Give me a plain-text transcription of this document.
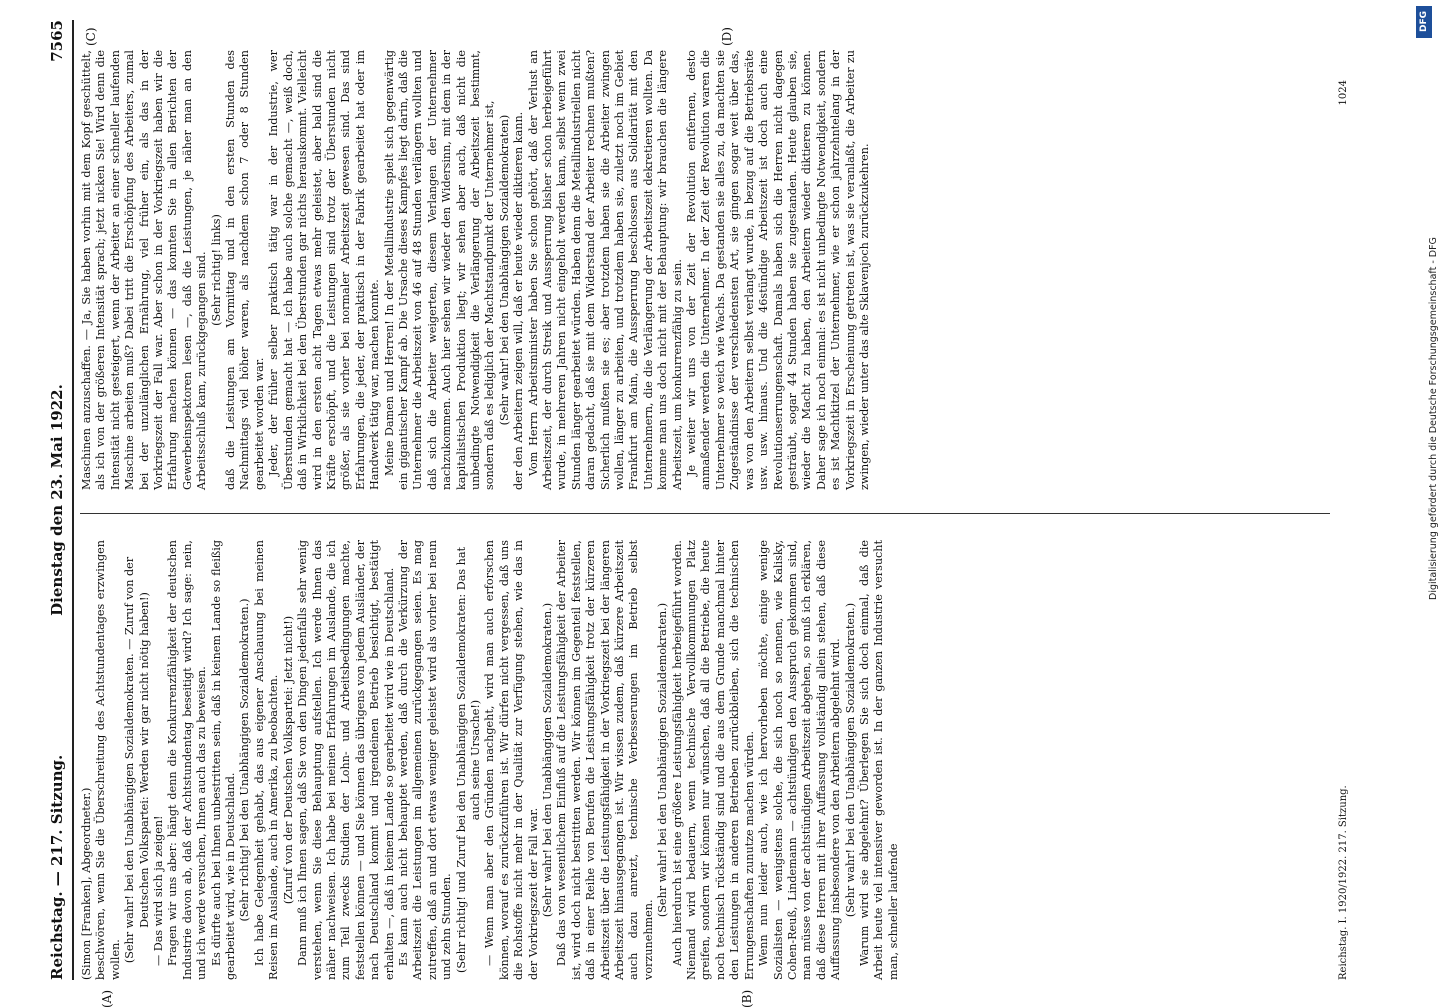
Reichstag. — 217. Sitzung.
Dienstag den 23. Mai 1922.
7565
(A)	(B)
(C)	(D)

(Simon [Franken], Abgeordneter.) beschwören, wenn Sie die Überschreitung des Achtstundentages erzwingen wollen. (Sehr wahr! bei den Unabhängigen Sozialdemokraten. — Zuruf von der Deutschen Volkspartei: Werden wir gar nicht nötig haben!) — Das wird sich ja zeigen! Fragen wir uns aber: hängt denn die Konkurrenzfähigkeit der deutschen Industrie davon ab, daß der Achtstundentag beseitigt wird? Ich sage: nein, und ich werde versuchen, Ihnen auch das zu beweisen. Es dürfte auch bei Ihnen unbestritten sein, daß in keinem Lande so fleißig gearbeitet wird, wie in Deutschland. (Sehr richtig! bei den Unabhängigen Sozialdemokraten.) Ich habe Gelegenheit gehabt, das aus eigener Anschauung bei meinen Reisen im Auslande, auch in Amerika, zu beobachten. (Zuruf von der Deutschen Volkspartei: Jetzt nicht!) Dann muß ich Ihnen sagen, daß Sie von den Dingen jedenfalls sehr wenig verstehen, wenn Sie diese Behauptung aufstellen. Ich werde Ihnen das näher nachweisen. Ich habe bei meinen Erfahrungen im Auslande, die ich zum Teil zwecks Studien der Lohn- und Arbeitsbedingungen machte, feststellen können — und Sie können das übrigens von jedem Ausländer, der nach Deutschland kommt und irgendeinen Betrieb besichtigt, bestätigt erhalten —, daß in keinem Lande so gearbeitet wird wie in Deutschland. Es kann auch nicht behauptet werden, daß durch die Verkürzung der Arbeitszeit die Leistungen im allgemeinen zurückgegangen seien. Es mag zutreffen, daß an und dort etwas weniger geleistet wird als vorher bei neun und zehn Stunden. (Sehr richtig! und Zuruf bei den Unabhängigen Sozialdemokraten: Das hat auch seine Ursache!) — Wenn man aber den Gründen nachgeht, wird man auch erforschen können, worauf es zurückzuführen ist. Wir dürfen nicht vergessen, daß uns die Rohstoffe nicht mehr in der Qualität zur Verfügung stehen, wie das in der Vorkriegszeit der Fall war. (Sehr wahr! bei den Unabhängigen Sozialdemokraten.) Daß das von wesentlichem Einfluß auf die Leistungsfähigkeit der Arbeiter ist, wird doch nicht bestritten werden. Wir können im Gegenteil feststellen, daß in einer Reihe von Berufen die Leistungsfähigkeit trotz der kürzeren Arbeitszeit über die Leistungsfähigkeit in der Vorkriegszeit bei der längeren Arbeitszeit hinausgegangen ist. Wir wissen zudem, daß kürzere Arbeitszeit auch dazu anreizt, technische Verbesserungen im Betrieb selbst vorzunehmen.

(Sehr wahr! bei den Unabhängigen Sozialdemokraten.) Auch hierdurch ist eine größere Leistungsfähigkeit herbeigeführt worden. Niemand wird bedauern, wenn technische Vervollkommnungen Platz greifen, sondern wir können nur wünschen, daß all die Betriebe, die heute noch technisch rückständig sind und die aus dem Grunde manchmal hinter den Leistungen in anderen Betrieben zurückbleiben, sich die technischen Errungenschaften zunutze machen würden. Wenn nun leider auch, wie ich hervorheben möchte, einige wenige Sozialisten — wenigstens solche, die sich noch so nennen, wie Kalisky, Cohen-Reuß, Lindemann — achtstündigen den Ausspruch gekommen sind, man müsse von der achtstündigen Arbeitszeit abgehen, so muß ich erklären, daß diese Herren mit ihrer Auffassung vollständig allein stehen, daß diese Auffassung insbesondere von den Arbeitern abgelehnt wird. (Sehr wahr! bei den Unabhängigen Sozialdemokraten.) Warum wird sie abgelehnt? Überlegen Sie sich doch einmal, daß die Arbeit heute viel intensiver geworden ist. In der ganzen Industrie versucht man, schneller laufende

Maschinen anzuschaffen. — Ja, Sie haben vorhin mit dem Kopf geschüttelt, als ich von der größeren Intensität sprach; jetzt nicken Sie! Wird denn die Intensität nicht gesteigert, wenn der Arbeiter an einer schneller laufenden Maschine arbeiten muß? Dabei tritt die Erschöpfung des Arbeiters, zumal bei der unzulänglichen Ernährung, viel früher ein, als das in der Vorkriegszeit der Fall war. Aber schon in der Vorkriegszeit haben wir die Erfahrung machen können — das konnten Sie in allen Berichten der Gewerbeinspektoren lesen —, daß die Leistungen, je näher man an den Arbeitsschluß kam, zurückgegangen sind. (Sehr richtig! links) daß die Leistungen am Vormittag und in den ersten Stunden des Nachmittags viel höher waren, als nachdem schon 7 oder 8 Stunden gearbeitet worden war. Jeder, der früher selber praktisch tätig war in der Industrie, wer Überstunden gemacht hat — ich habe auch solche gemacht —, weiß doch, daß in Wirklichkeit bei den Überstunden gar nichts herauskommt. Vielleicht wird in den ersten acht Tagen etwas mehr geleistet, aber bald sind die Kräfte erschöpft, und die Leistungen sind trotz der Überstunden nicht größer, als sie vorher bei normaler Arbeitszeit gewesen sind. Das sind Erfahrungen, die jeder, der praktisch in der Fabrik gearbeitet hat oder im Handwerk tätig war, machen konnte. Meine Damen und Herren! In der Metallindustrie spielt sich gegenwärtig ein gigantischer Kampf ab. Die Ursache dieses Kampfes liegt darin, daß die Unternehmer die Arbeitszeit von 46 auf 48 Stunden verlängern wollten und daß sich die Arbeiter weigerten, diesem Verlangen der Unternehmer nachzukommen. Auch hier sehen wir wieder den Widersinn, mit dem in der kapitalistischen Produktion liegt; wir sehen aber auch, daß nicht die unbedingte Notwendigkeit die Verlängerung der Arbeitszeit bestimmt, sondern daß es lediglich der Machtstandpunkt der Unternehmer ist, (Sehr wahr! bei den Unabhängigen Sozialdemokraten) der den Arbeitern zeigen will, daß er heute wieder diktieren kann. Vom Herrn Arbeitsminister haben Sie schon gehört, daß der Verlust an Arbeitszeit, der durch Streik und Aussperrung bisher schon herbeigeführt wurde, in mehreren Jahren nicht eingeholt werden kann, selbst wenn zwei Stunden länger gearbeitet würden. Haben denn die Metallindustriellen nicht daran gedacht, daß sie mit dem Widerstand der Arbeiter rechnen mußten? Sicherlich mußten sie es; aber trotzdem haben sie die Arbeiter zwingen wollen, länger zu arbeiten, und trotzdem haben sie, zuletzt noch im Gebiet Frankfurt am Main, die Aussperrung beschlossen aus Solidarität mit den Unternehmern, die die Verlängerung der Arbeitszeit dekretieren wollten. Da komme man uns doch nicht mit der Behauptung: wir brauchen die längere Arbeitszeit, um konkurrenzfähig zu sein. Je weiter wir uns von der Zeit der Revolution entfernen, desto anmaßender werden die Unternehmer. In der Zeit der Revolution waren die Unternehmer so weich wie Wachs. Da gestanden sie alles zu, da machten sie Zugeständnisse der verschiedensten Art, sie gingen sogar weit über das, was von den Arbeitern selbst verlangt wurde, in bezug auf die Betriebsräte usw. usw. hinaus. Und die 46stündige Arbeitszeit ist doch auch eine Revolutionserrungenschaft. Damals haben sich die Herren nicht dagegen gesträubt, sogar 44 Stunden haben sie zugestanden. Heute glauben sie, wieder die Macht zu haben, den Arbeitern wieder diktieren zu können. Daher sage ich noch einmal: es ist nicht unbedingte Notwendigkeit, sondern es ist Machtkitzel der Unternehmer, wie er schon jahrzehntelang in der Vorkriegszeit in Erscheinung getreten ist, was sie veranlaßt, die Arbeiter zu zwingen, wieder unter das alte Sklavenjoch zurückzukehren.

Reichstag. I. 1920/1922. 217. Sitzung.
1024
Digitalisierung gefördert durch die Deutsche Forschungsgemeinschaft - DFG
DFG
